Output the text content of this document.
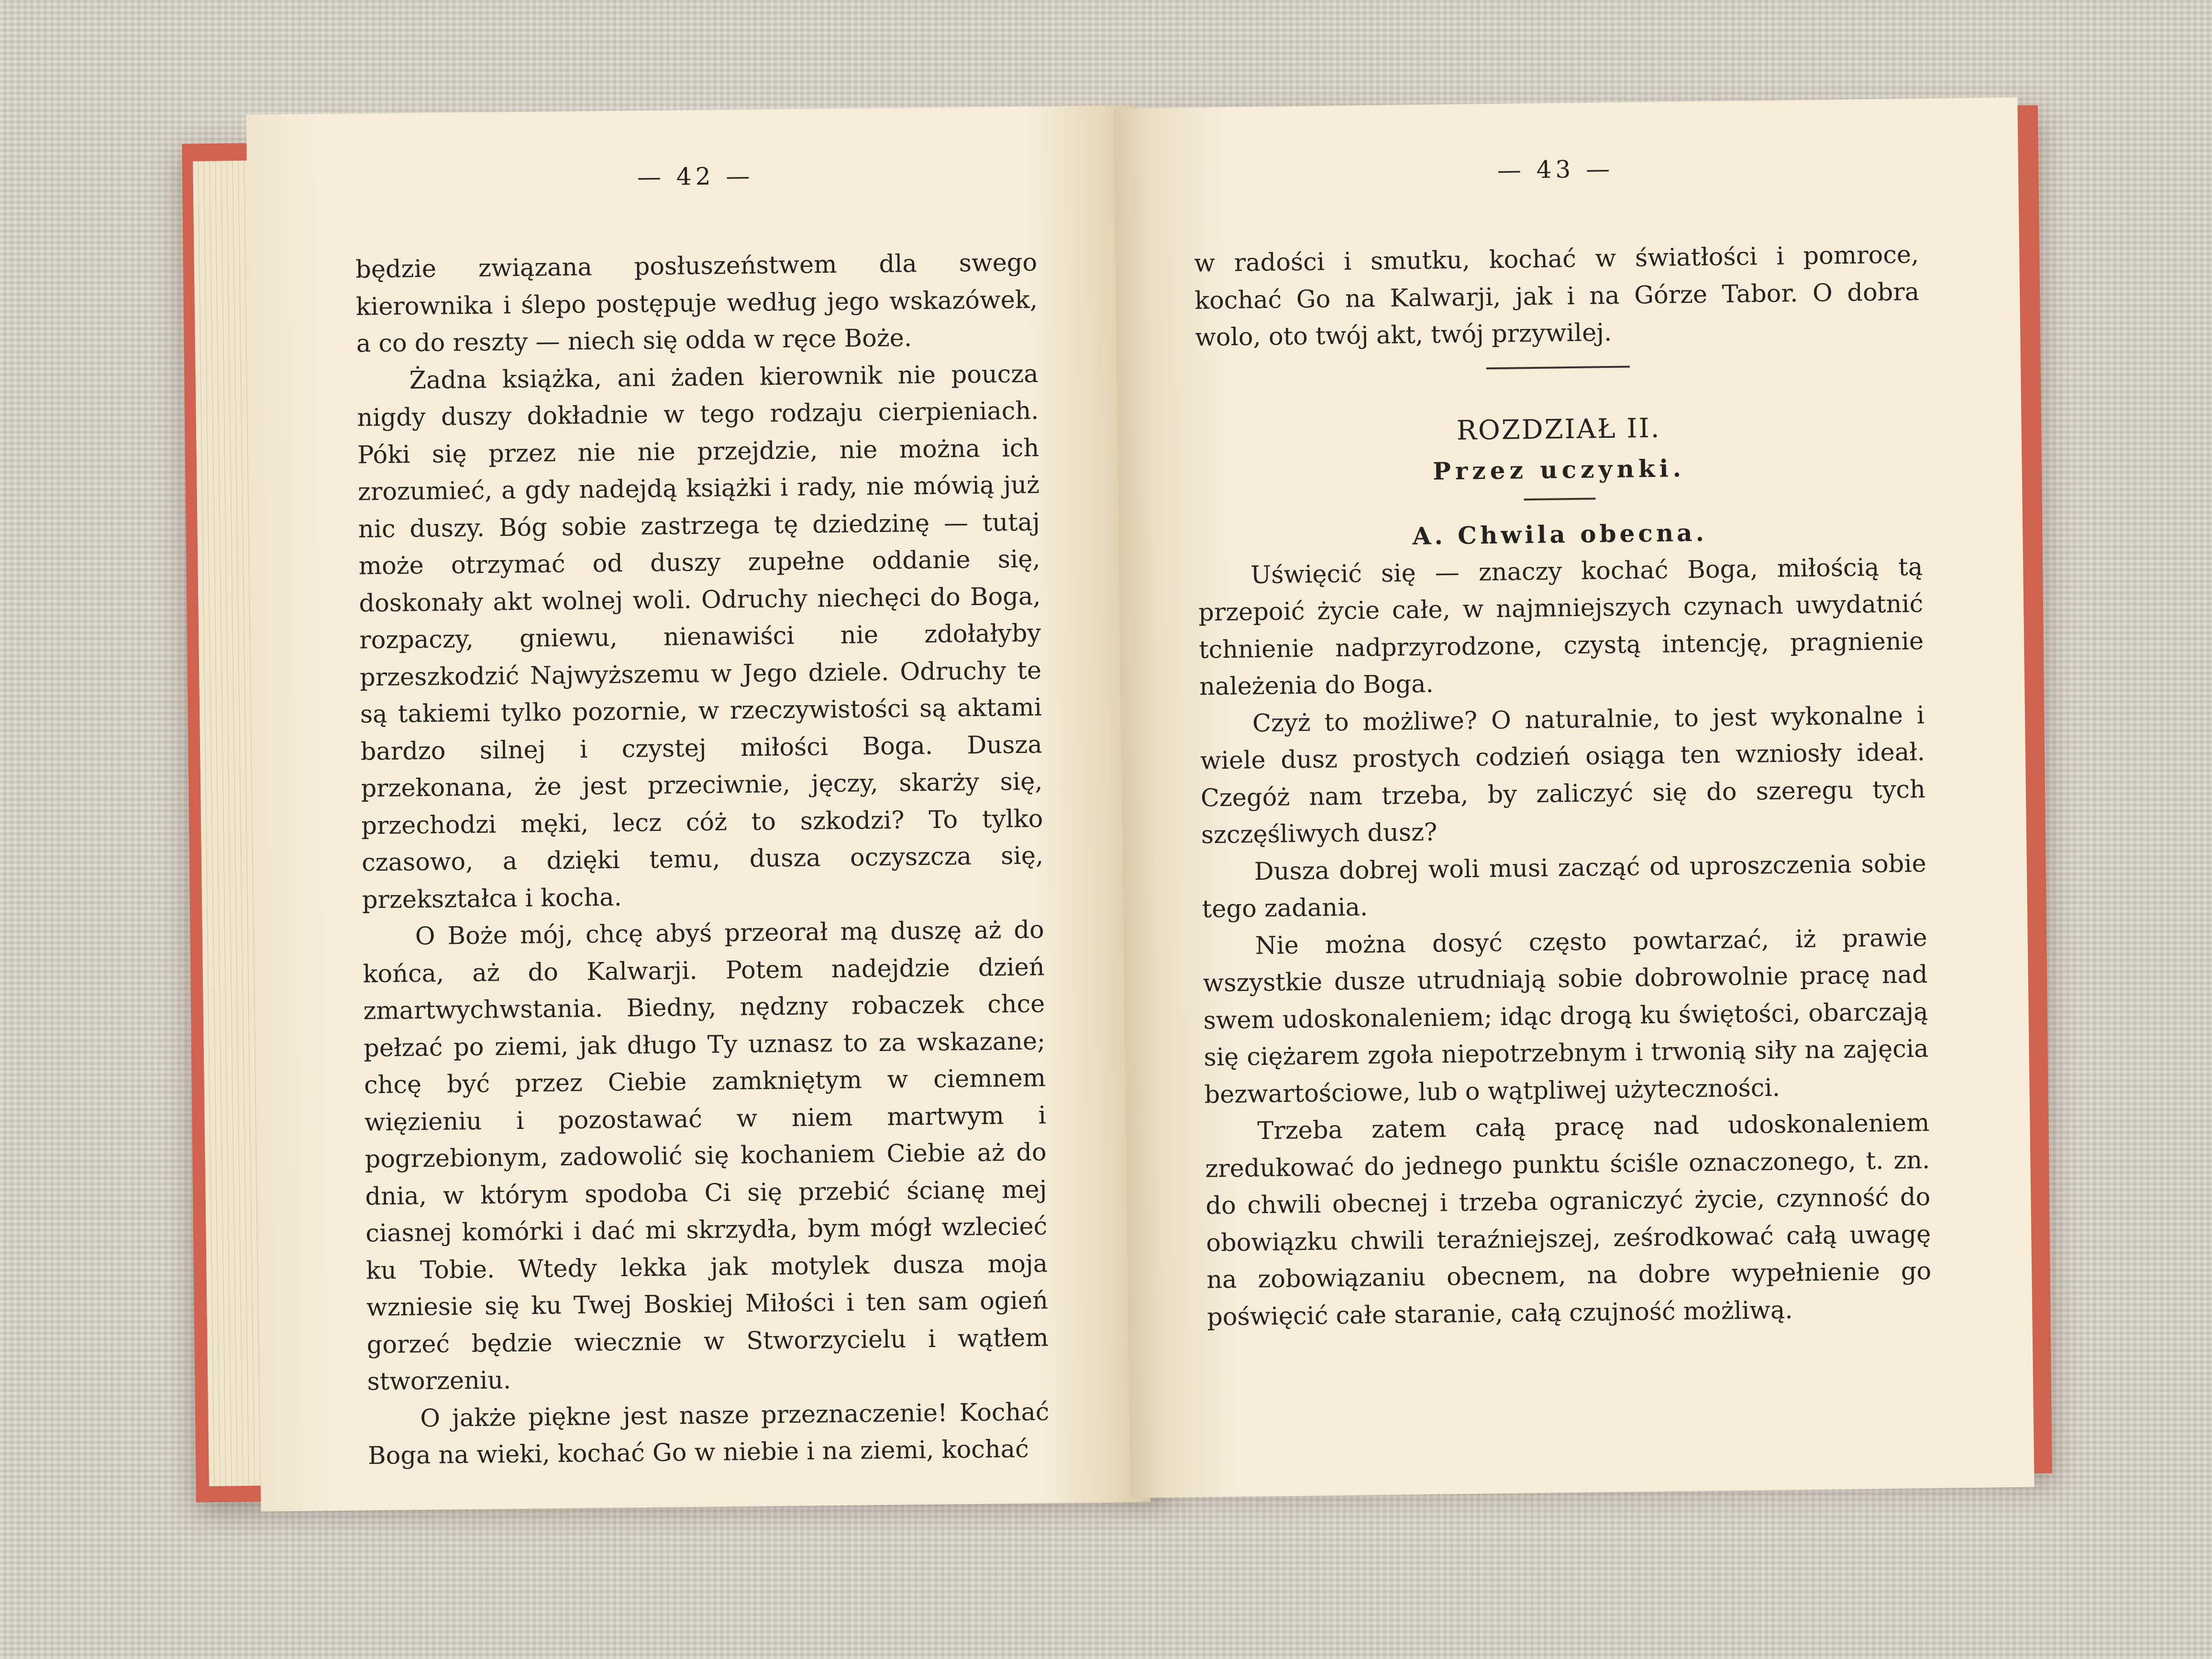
— 42 —

będzie związana posłuszeństwem dla swego kierownika i ślepo postępuje według jego wskazówek, a co do reszty — niech się odda w ręce Boże.

Żadna książka, ani żaden kierownik nie poucza nigdy duszy dokładnie w tego rodzaju cierpieniach. Póki się przez nie nie przejdzie, nie można ich zrozumieć, a gdy nadejdą książki i rady, nie mówią już nic duszy. Bóg sobie zastrzega tę dziedzinę — tutaj może otrzymać od duszy zupełne oddanie się, doskonały akt wolnej woli. Odruchy niechęci do Boga, rozpaczy, gniewu, nienawiści nie zdołałyby przeszkodzić Najwyższemu w Jego dziele. Odruchy te są takiemi tylko pozornie, w rzeczywistości są aktami bardzo silnej i czystej miłości Boga. Dusza przekonana, że jest przeciwnie, jęczy, skarży się, przechodzi męki, lecz cóż to szkodzi? To tylko czasowo, a dzięki temu, dusza oczyszcza się, przekształca i kocha.

O Boże mój, chcę abyś przeorał mą duszę aż do końca, aż do Kalwarji. Potem nadejdzie dzień zmartwychwstania. Biedny, nędzny robaczek chce pełzać po ziemi, jak długo Ty uznasz to za wskazane; chcę być przez Ciebie zamkniętym w ciemnem więzieniu i pozostawać w niem martwym i pogrzebionym, zadowolić się kochaniem Ciebie aż do dnia, w którym spodoba Ci się przebić ścianę mej ciasnej komórki i dać mi skrzydła, bym mógł wzlecieć ku Tobie. Wtedy lekka jak motylek dusza moja wzniesie się ku Twej Boskiej Miłości i ten sam ogień gorzeć będzie wiecznie w Stworzycielu i wątłem stworzeniu.

O jakże piękne jest nasze przeznaczenie! Kochać Boga na wieki, kochać Go w niebie i na ziemi, kochać

— 43 —

w radości i smutku, kochać w światłości i pomroce, kochać Go na Kalwarji, jak i na Górze Tabor. O dobra wolo, oto twój akt, twój przywilej.

ROZDZIAŁ II.
Przez uczynki.
A. Chwila obecna.

Uświęcić się — znaczy kochać Boga, miłością tą przepoić życie całe, w najmniejszych czynach uwydatnić tchnienie nadprzyrodzone, czystą intencję, pragnienie należenia do Boga.

Czyż to możliwe? O naturalnie, to jest wykonalne i wiele dusz prostych codzień osiąga ten wzniosły ideał. Czegóż nam trzeba, by zaliczyć się do szeregu tych szczęśliwych dusz?

Dusza dobrej woli musi zacząć od uproszczenia sobie tego zadania.

Nie można dosyć często powtarzać, iż prawie wszystkie dusze utrudniają sobie dobrowolnie pracę nad swem udoskonaleniem; idąc drogą ku świętości, obarczają się ciężarem zgoła niepotrzebnym i trwonią siły na zajęcia bezwartościowe, lub o wątpliwej użyteczności.

Trzeba zatem całą pracę nad udoskonaleniem zredukować do jednego punktu ściśle oznaczonego, t. zn. do chwili obecnej i trzeba ograniczyć życie, czynność do obowiązku chwili teraźniejszej, ześrodkować całą uwagę na zobowiązaniu obecnem, na dobre wypełnienie go poświęcić całe staranie, całą czujność możliwą.
